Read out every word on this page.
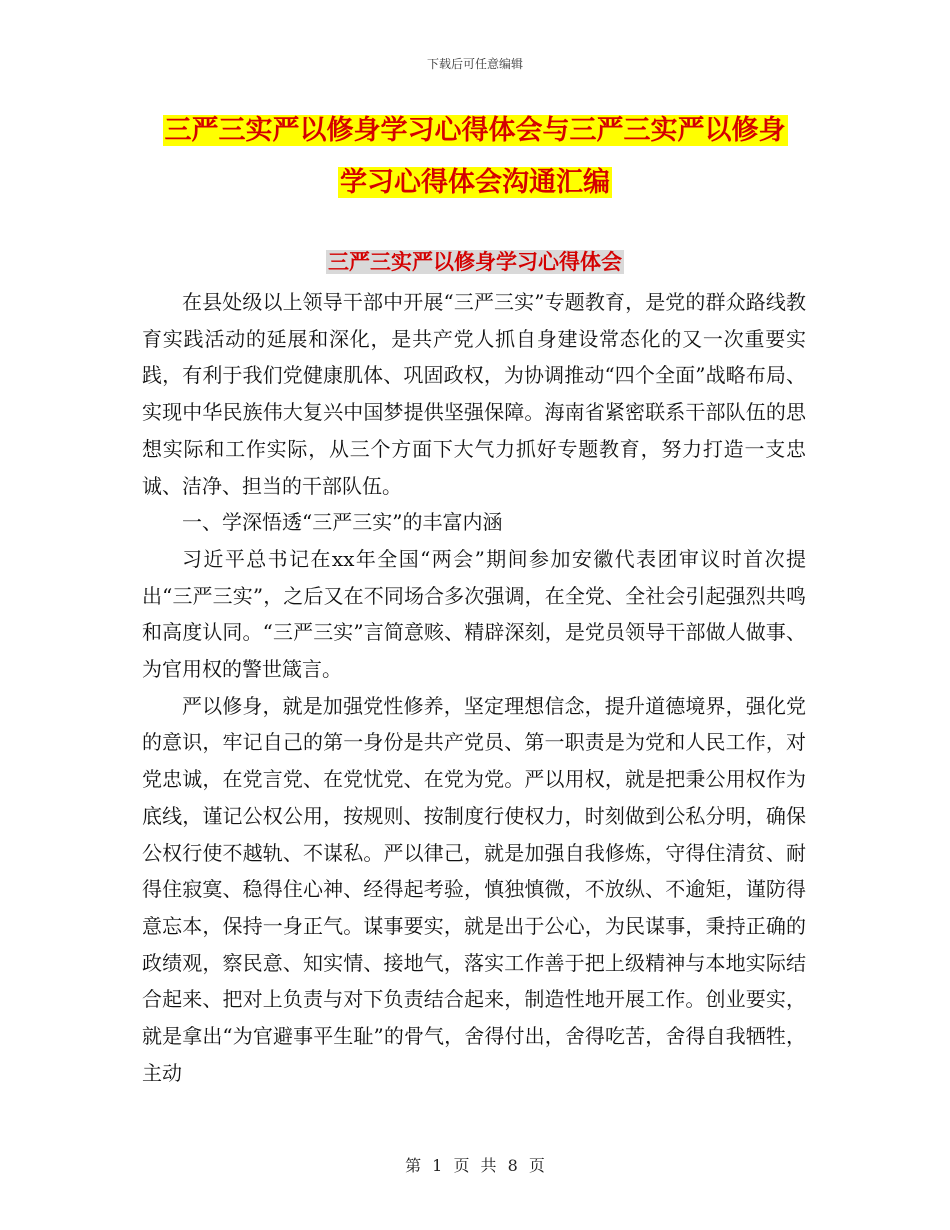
下载后可任意编辑
三严三实严以修身学习心得体会与三严三实严以修身
学习心得体会沟通汇编
三严三实严以修身学习心得体会

在县处级以上领导干部中开展“三严三实”专题教育，是党的群众路线教育实践活动的延展和深化，是共产党人抓自身建设常态化的又一次重要实践，有利于我们党健康肌体、巩固政权，为协调推动“四个全面”战略布局、实现中华民族伟大复兴中国梦提供坚强保障。海南省紧密联系干部队伍的思想实际和工作实际，从三个方面下大气力抓好专题教育，努力打造一支忠诚、洁净、担当的干部队伍。

一、学深悟透“三严三实”的丰富内涵

习近平总书记在xx年全国“两会”期间参加安徽代表团审议时首次提出“三严三实”，之后又在不同场合多次强调，在全党、全社会引起强烈共鸣和高度认同。“三严三实”言简意赅、精辟深刻，是党员领导干部做人做事、为官用权的警世箴言。

严以修身，就是加强党性修养，坚定理想信念，提升道德境界，强化党的意识，牢记自己的第一身份是共产党员、第一职责是为党和人民工作，对党忠诚，在党言党、在党忧党、在党为党。严以用权，就是把秉公用权作为底线，谨记公权公用，按规则、按制度行使权力，时刻做到公私分明，确保公权行使不越轨、不谋私。严以律己，就是加强自我修炼，守得住清贫、耐得住寂寞、稳得住心神、经得起考验，慎独慎微，不放纵、不逾矩，谨防得意忘本，保持一身正气。谋事要实，就是出于公心，为民谋事，秉持正确的政绩观，察民意、知实情、接地气，落实工作善于把上级精神与本地实际结合起来、把对上负责与对下负责结合起来，制造性地开展工作。创业要实，就是拿出“为官避事平生耻”的骨气，舍得付出，舍得吃苦，舍得自我牺牲，主动

第 1 页 共 8 页
